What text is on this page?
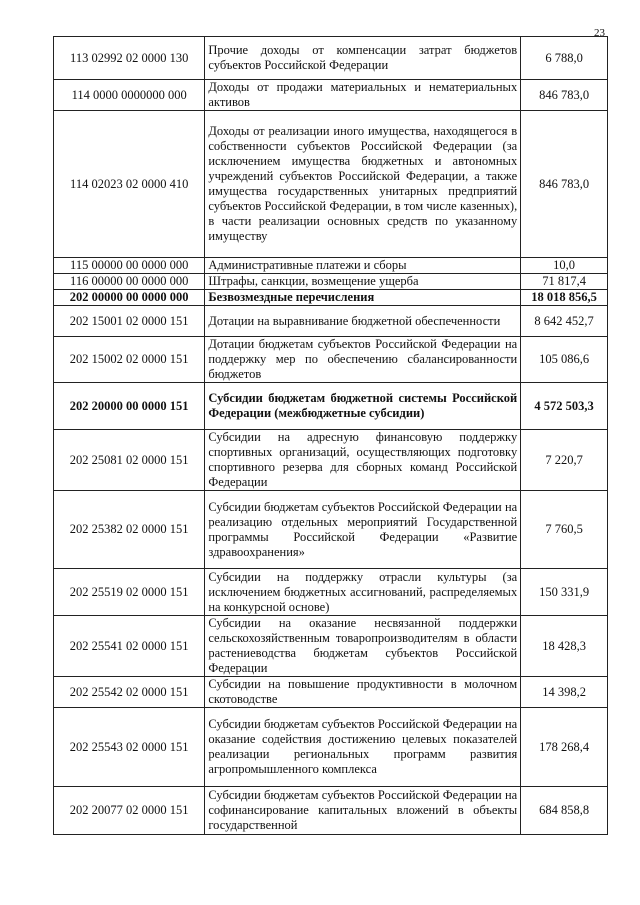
23
113 02992 02 0000 130	Прочие доходы от компенсации затрат бюджетов субъектов Российской Федерации	6 788,0
114 0000 0000000 000	Доходы от продажи материальных и нематериальных активов	846 783,0
114 02023 02 0000 410	Доходы от реализации иного имущества, находящегося в собственности субъектов Российской Федерации (за исключением имущества бюджетных и автономных учреждений субъектов Российской Федерации, а также имущества государственных унитарных предприятий субъектов Российской Федерации, в том числе казенных), в части реализации основных средств по указанному имуществу	846 783,0
115 00000 00 0000 000	Административные платежи и сборы	10,0
116 00000 00 0000 000	Штрафы, санкции, возмещение ущерба	71 817,4
202 00000 00 0000 000	Безвозмездные перечисления	18 018 856,5
202 15001 02 0000 151	Дотации на выравнивание бюджетной обеспеченности	8 642 452,7
202 15002 02 0000 151	Дотации бюджетам субъектов Российской Федерации на поддержку мер по обеспечению сбалансированности бюджетов	105 086,6
202 20000 00 0000 151	Субсидии бюджетам бюджетной системы Российской Федерации (межбюджетные субсидии)	4 572 503,3
202 25081 02 0000 151	Субсидии на адресную финансовую поддержку спортивных организаций, осуществляющих подготовку спортивного резерва для сборных команд Российской Федерации	7 220,7
202 25382 02 0000 151	Субсидии бюджетам субъектов Российской Федерации на реализацию отдельных мероприятий Государственной программы Российской Федерации «Развитие здравоохранения»	7 760,5
202 25519 02 0000 151	Субсидии на поддержку отрасли культуры (за исключением бюджетных ассигнований, распределяемых на конкурсной основе)	150 331,9
202 25541 02 0000 151	Субсидии на оказание несвязанной поддержки сельскохозяйственным товаропроизводителям в области растениеводства бюджетам субъектов Российской Федерации	18 428,3
202 25542 02 0000 151	Субсидии на повышение продуктивности в молочном скотоводстве	14 398,2
202 25543 02 0000 151	Субсидии бюджетам субъектов Российской Федерации на оказание содействия достижению целевых показателей реализации региональных программ развития агропромышленного комплекса	178 268,4
202 20077 02 0000 151	Субсидии бюджетам субъектов Российской Федерации на софинансирование капитальных вложений в объекты государственной	684 858,8
